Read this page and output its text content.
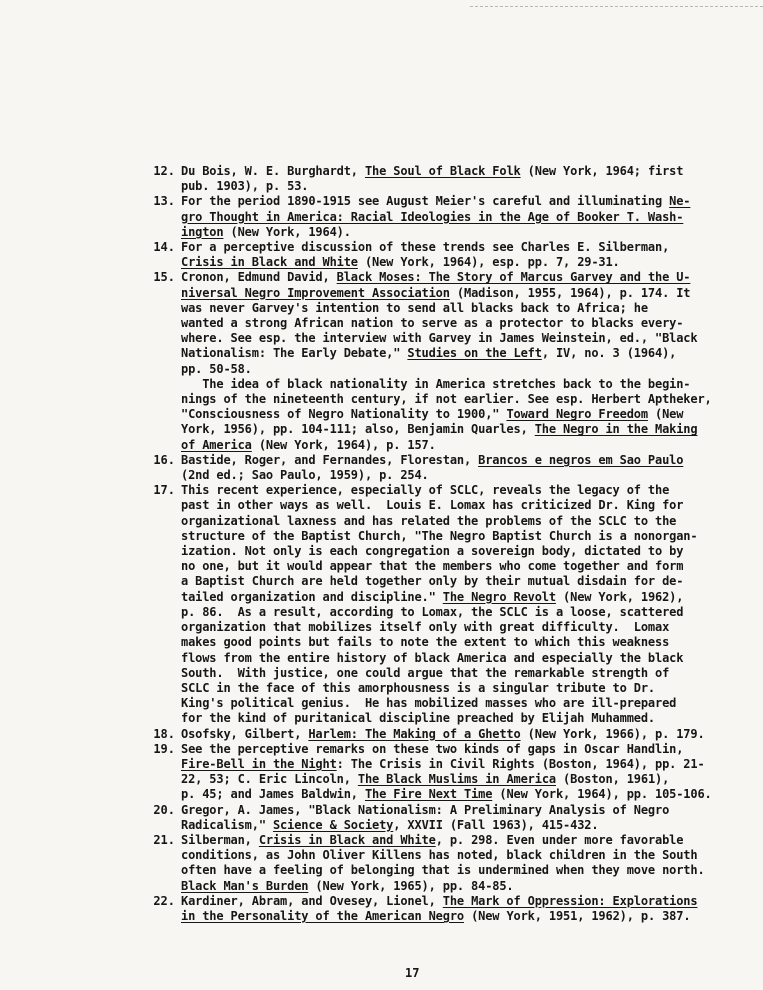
12. Du Bois, W. E. Burghardt, The Soul of Black Folk (New York, 1964; first
pub. 1903), p. 53.
13. For the period 1890-1915 see August Meier's careful and illuminating Ne-
gro Thought in America: Racial Ideologies in the Age of Booker T. Wash-
ington (New York, 1964).
14. For a perceptive discussion of these trends see Charles E. Silberman,
Crisis in Black and White (New York, 1964), esp. pp. 7, 29-31.
15. Cronon, Edmund David, Black Moses: The Story of Marcus Garvey and the U-
niversal Negro Improvement Association (Madison, 1955, 1964), p. 174. It
was never Garvey's intention to send all blacks back to Africa; he
wanted a strong African nation to serve as a protector to blacks every-
where. See esp. the interview with Garvey in James Weinstein, ed., "Black
Nationalism: The Early Debate," Studies on the Left, IV, no. 3 (1964),
pp. 50-58.
The idea of black nationality in America stretches back to the begin-
nings of the nineteenth century, if not earlier. See esp. Herbert Aptheker,
"Consciousness of Negro Nationality to 1900," Toward Negro Freedom (New
York, 1956), pp. 104-111; also, Benjamin Quarles, The Negro in the Making
of America (New York, 1964), p. 157.
16. Bastide, Roger, and Fernandes, Florestan, Brancos e negros em Sao Paulo
(2nd ed.; Sao Paulo, 1959), p. 254.
17. This recent experience, especially of SCLC, reveals the legacy of the
past in other ways as well.  Louis E. Lomax has criticized Dr. King for
organizational laxness and has related the problems of the SCLC to the
structure of the Baptist Church, "The Negro Baptist Church is a nonorgan-
ization. Not only is each congregation a sovereign body, dictated to by
no one, but it would appear that the members who come together and form
a Baptist Church are held together only by their mutual disdain for de-
tailed organization and discipline." The Negro Revolt (New York, 1962),
p. 86.  As a result, according to Lomax, the SCLC is a loose, scattered
organization that mobilizes itself only with great difficulty.  Lomax
makes good points but fails to note the extent to which this weakness
flows from the entire history of black America and especially the black
South.  With justice, one could argue that the remarkable strength of
SCLC in the face of this amorphousness is a singular tribute to Dr.
King's political genius.  He has mobilized masses who are ill-prepared
for the kind of puritanical discipline preached by Elijah Muhammed.
18. Osofsky, Gilbert, Harlem: The Making of a Ghetto (New York, 1966), p. 179.
19. See the perceptive remarks on these two kinds of gaps in Oscar Handlin,
Fire-Bell in the Night: The Crisis in Civil Rights (Boston, 1964), pp. 21-
22, 53; C. Eric Lincoln, The Black Muslims in America (Boston, 1961),
p. 45; and James Baldwin, The Fire Next Time (New York, 1964), pp. 105-106.
20. Gregor, A. James, "Black Nationalism: A Preliminary Analysis of Negro
Radicalism," Science & Society, XXVII (Fall 1963), 415-432.
21. Silberman, Crisis in Black and White, p. 298. Even under more favorable
conditions, as John Oliver Killens has noted, black children in the South
often have a feeling of belonging that is undermined when they move north.
Black Man's Burden (New York, 1965), pp. 84-85.
22. Kardiner, Abram, and Ovesey, Lionel, The Mark of Oppression: Explorations
in the Personality of the American Negro (New York, 1951, 1962), p. 387.
17
